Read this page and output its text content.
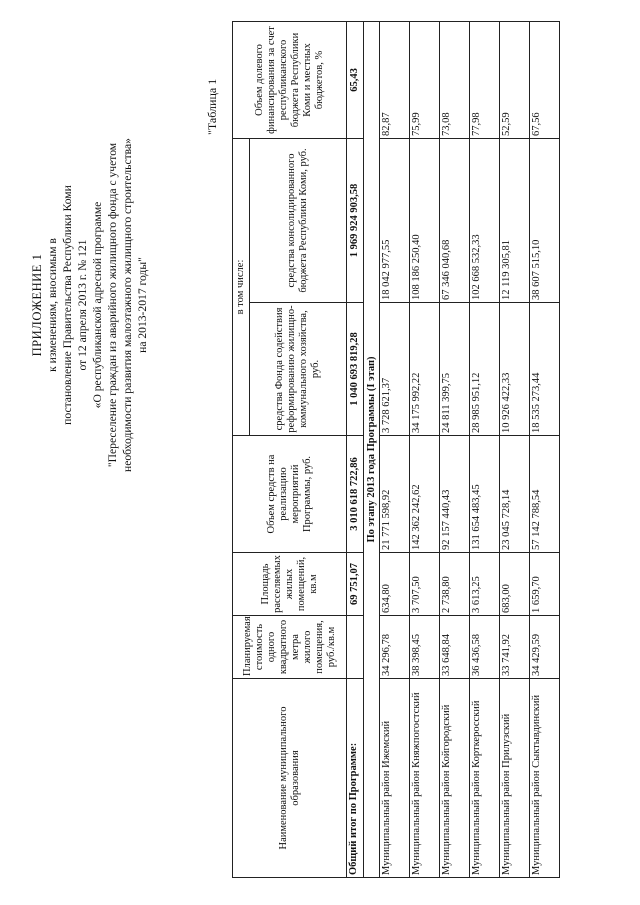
ПРИЛОЖЕНИЕ 1 к изменениям, вносимым в постановление Правительства Республики Коми от 12 апреля 2013 г. № 121 «О республиканской адресной программе "Переселение граждан из аварийного жилищного фонда с учетом необходимости развития малоэтажного жилищного строительства» на 2013-2017 годы"
"Таблица 1
Наименование муниципального образования	Планируемая стоимость одного квадратного метра жилого помещения, руб./кв.м	Площадь расселяемых жилых помещений, кв.м	Объем средств на реализацию мероприятий Программы, руб.	в том числе:		Объем долевого финансирования за счет республиканского бюджета Республики Коми и местных бюджетов, %
				средства Фонда содействия реформированию жилищно-коммунального хозяйства, руб.	средства консолидированного бюджета Республики Коми, руб.	
Общий итог по Программе:		69 751,07	3 010 618 722,86	1 040 693 819,28	1 969 924 903,58	65,43
По этапу 2013 года Программы (I этап)						
Муниципальный район Ижемский	34 296,78	634,80	21 771 598,92	3 728 621,37	18 042 977,55	82,87
Муниципальный район Княжпогостский	38 398,45	3 707,50	142 362 242,62	34 175 992,22	108 186 250,40	75,99
Муниципальный район Койгородский	33 648,84	2 738,80	92 157 440,43	24 811 399,75	67 346 040,68	73,08
Муниципальный район Корткеросский	36 436,58	3 613,25	131 654 483,45	28 985 951,12	102 668 532,33	77,98
Муниципальный район Прилузский	33 741,92	683,00	23 045 728,14	10 926 422,33	12 119 305,81	52,59
Муниципальный район Сыктывдинский	34 429,59	1 659,70	57 142 788,54	18 535 273,44	38 607 515,10	67,56
